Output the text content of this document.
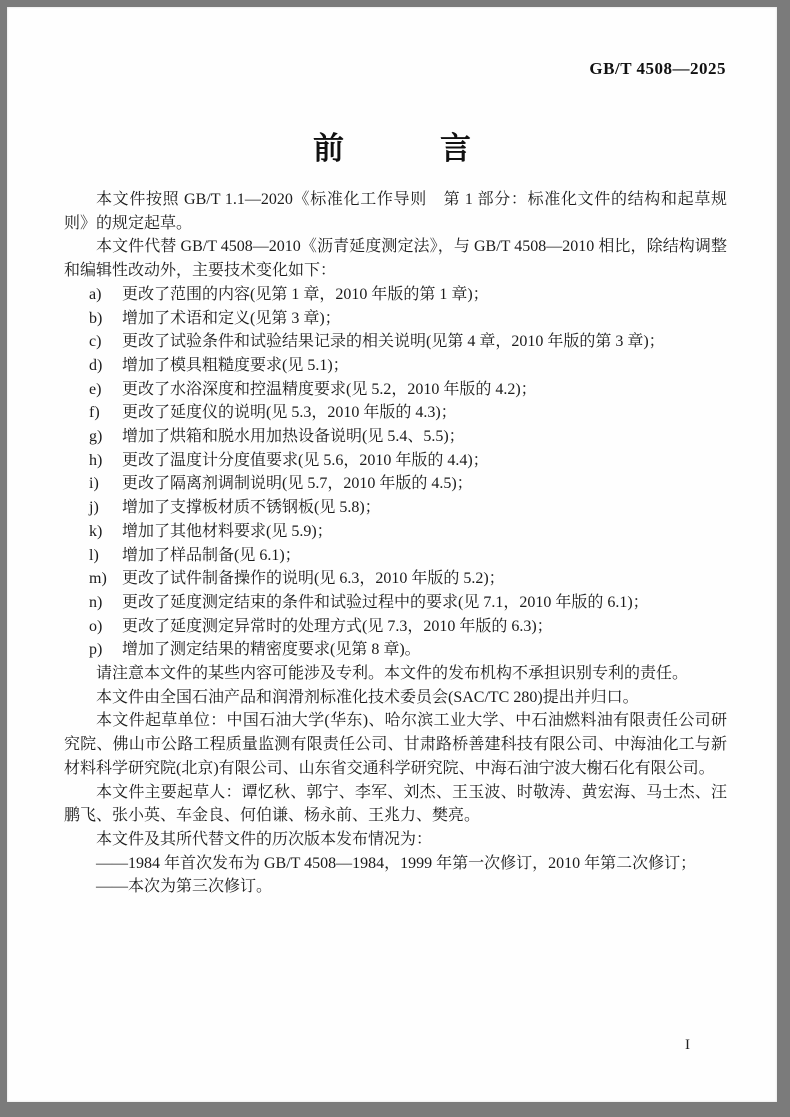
GB/T 4508—2025
前	言

本文件按照 GB/T 1.1—2020《标准化工作导则　第 1 部分：标准化文件的结构和起草规则》的规定起草。

本文件代替 GB/T 4508—2010《沥青延度测定法》，与 GB/T 4508—2010 相比，除结构调整和编辑性改动外，主要技术变化如下：

a)	更改了范围的内容(见第 1 章，2010 年版的第 1 章)；
b)	增加了术语和定义(见第 3 章)；
c)	更改了试验条件和试验结果记录的相关说明(见第 4 章，2010 年版的第 3 章)；
d)	增加了模具粗糙度要求(见 5.1)；
e)	更改了水浴深度和控温精度要求(见 5.2，2010 年版的 4.2)；
f)	更改了延度仪的说明(见 5.3，2010 年版的 4.3)；
g)	增加了烘箱和脱水用加热设备说明(见 5.4、5.5)；
h)	更改了温度计分度值要求(见 5.6，2010 年版的 4.4)；
i)	更改了隔离剂调制说明(见 5.7，2010 年版的 4.5)；
j)	增加了支撑板材质不锈钢板(见 5.8)；
k)	增加了其他材料要求(见 5.9)；
l)	增加了样品制备(见 6.1)；
m) 更改了试件制备操作的说明(见 6.3，2010 年版的 5.2)；
n)	更改了延度测定结束的条件和试验过程中的要求(见 7.1，2010 年版的 6.1)；
o)	更改了延度测定异常时的处理方式(见 7.3，2010 年版的 6.3)；
p)	增加了测定结果的精密度要求(见第 8 章)。

请注意本文件的某些内容可能涉及专利。本文件的发布机构不承担识别专利的责任。

本文件由全国石油产品和润滑剂标准化技术委员会(SAC/TC 280)提出并归口。

本文件起草单位：中国石油大学(华东)、哈尔滨工业大学、中石油燃料油有限责任公司研究院、佛山市公路工程质量监测有限责任公司、甘肃路桥善建科技有限公司、中海油化工与新材料科学研究院(北京)有限公司、山东省交通科学研究院、中海石油宁波大榭石化有限公司。

本文件主要起草人：谭忆秋、郭宁、李军、刘杰、王玉波、时敬涛、黄宏海、马士杰、汪鹏飞、张小英、车金良、何伯谦、杨永前、王兆力、樊亮。

本文件及其所代替文件的历次版本发布情况为：

——1984 年首次发布为 GB/T 4508—1984，1999 年第一次修订，2010 年第二次修订；

——本次为第三次修订。

I
